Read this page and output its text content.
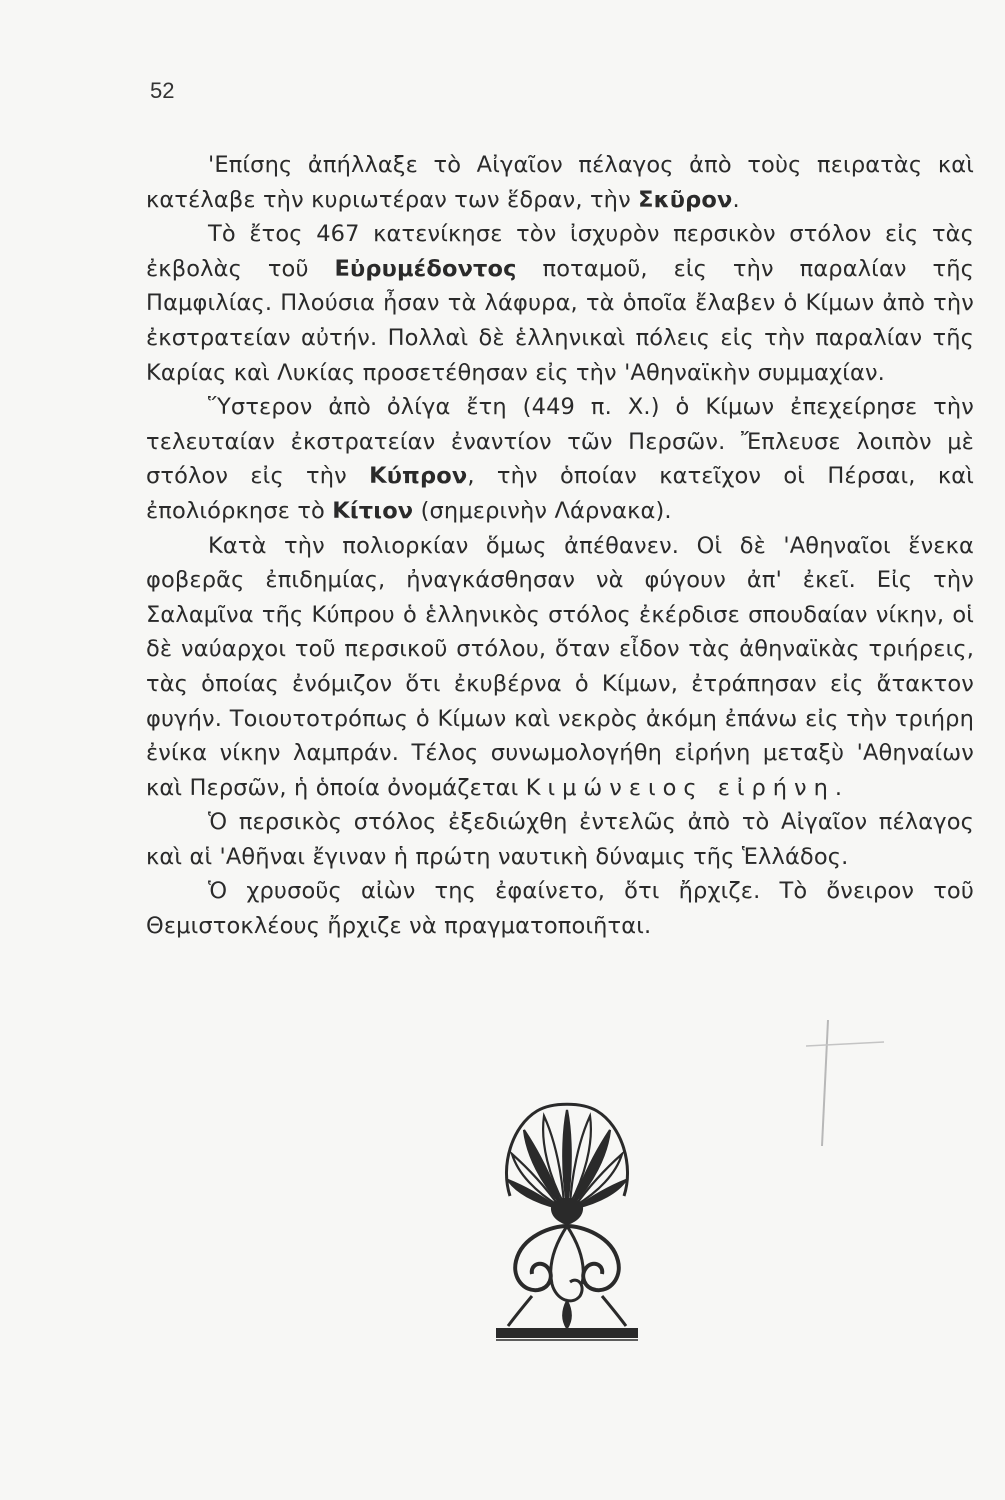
52

'Επίσης ἀπήλλαξε τὸ Αἰγαῖον πέλαγος ἀπὸ τοὺς πειρατὰς καὶ κατέλαβε τὴν κυριωτέραν των ἕδραν, τὴν Σκῦρον.

Τὸ ἔτος 467 κατενίκησε τὸν ἰσχυρὸν περσικὸν στόλον εἰς τὰς ἐκβολὰς τοῦ Εὐρυμέδοντος ποταμοῦ, εἰς τὴν παραλίαν τῆς Παμφιλίας. Πλούσια ἦσαν τὰ λάφυρα, τὰ ὁποῖα ἔλαβεν ὁ Κίμων ἀπὸ τὴν ἐκστρατείαν αὐτήν. Πολλαὶ δὲ ἑλληνικαὶ πόλεις εἰς τὴν παραλίαν τῆς Καρίας καὶ Λυκίας προσετέθησαν εἰς τὴν 'Αθηναϊκὴν συμμαχίαν.

Ὕστερον ἀπὸ ὀλίγα ἔτη (449 π. Χ.) ὁ Κίμων ἐπεχείρησε τὴν τελευταίαν ἐκστρατείαν ἐναντίον τῶν Περσῶν. Ἔπλευσε λοιπὸν μὲ στόλον εἰς τὴν Κύπρον, τὴν ὁποίαν κατεῖχον οἱ Πέρσαι, καὶ ἐπολιόρκησε τὸ Κίτιον (σημερινὴν Λάρνακα).

Κατὰ τὴν πολιορκίαν ὅμως ἀπέθανεν. Οἱ δὲ 'Αθηναῖοι ἕνεκα φοβερᾶς ἐπιδημίας, ἠναγκάσθησαν νὰ φύγουν ἀπ' ἐκεῖ. Εἰς τὴν Σαλαμῖνα τῆς Κύπρου ὁ ἑλληνικὸς στόλος ἐκέρδισε σπουδαίαν νίκην, οἱ δὲ ναύαρχοι τοῦ περσικοῦ στόλου, ὅταν εἶδον τὰς ἀθηναϊκὰς τριήρεις, τὰς ὁποίας ἐνόμιζον ὅτι ἐκυβέρνα ὁ Κίμων, ἐτράπησαν εἰς ἄτακτον φυγήν. Τοιουτοτρόπως ὁ Κίμων καὶ νεκρὸς ἀκόμη ἐπάνω εἰς τὴν τριήρη ἐνίκα νίκην λαμπράν. Τέλος συνωμολογήθη εἰρήνη μεταξὺ 'Αθηναίων καὶ Περσῶν, ἡ ὁποία ὀνομάζεται Κιμώνειος εἰρήνη.

Ὁ περσικὸς στόλος ἐξεδιώχθη ἐντελῶς ἀπὸ τὸ Αἰγαῖον πέλαγος καὶ αἱ 'Αθῆναι ἔγιναν ἡ πρώτη ναυτικὴ δύναμις τῆς Ἑλλάδος.

Ὁ χρυσοῦς αἰὼν της ἐφαίνετο, ὅτι ἤρχιζε. Τὸ ὄνειρον τοῦ Θεμιστοκλέους ἤρχιζε νὰ πραγματοποιῆται.
